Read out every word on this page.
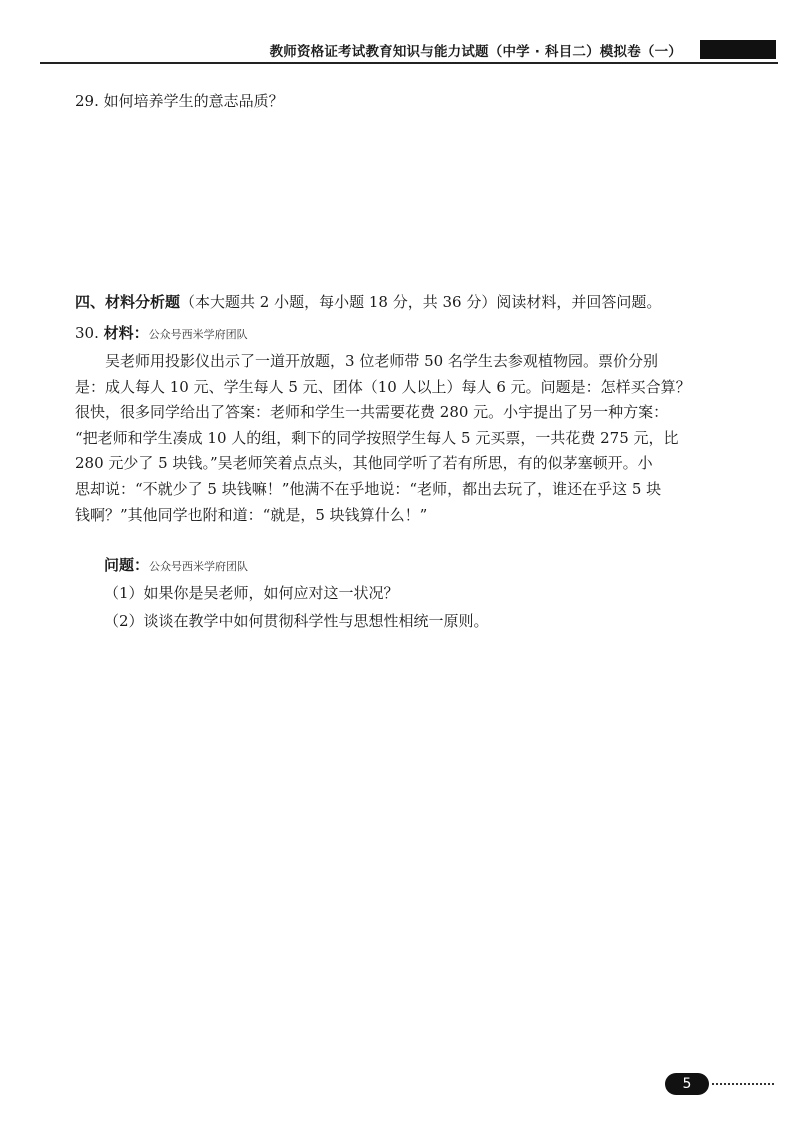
教师资格证考试教育知识与能力试题（中学 · 科目二）模拟卷（一）
29. 如何培养学生的意志品质？
四、材料分析题（本大题共 2 小题，每小题 18 分，共 36 分）阅读材料，并回答问题。
30. 材料：公众号西米学府团队
　　吴老师用投影仪出示了一道开放题，3 位老师带 50 名学生去参观植物园。票价分别
是：成人每人 10 元、学生每人 5 元、团体（10 人以上）每人 6 元。问题是：怎样买合算？
很快，很多同学给出了答案：老师和学生一共需要花费 280 元。小宇提出了另一种方案：
“把老师和学生凑成 10 人的组，剩下的同学按照学生每人 5 元买票，一共花费 275 元，比
280 元少了 5 块钱。”吴老师笑着点点头，其他同学听了若有所思，有的似茅塞顿开。小
思却说：“不就少了 5 块钱嘛！”他满不在乎地说：“老师，都出去玩了，谁还在乎这 5 块
钱啊？”其他同学也附和道：“就是，5 块钱算什么！”
问题：公众号西米学府团队
（1）如果你是吴老师，如何应对这一状况？
（2）谈谈在教学中如何贯彻科学性与思想性相统一原则。
5
